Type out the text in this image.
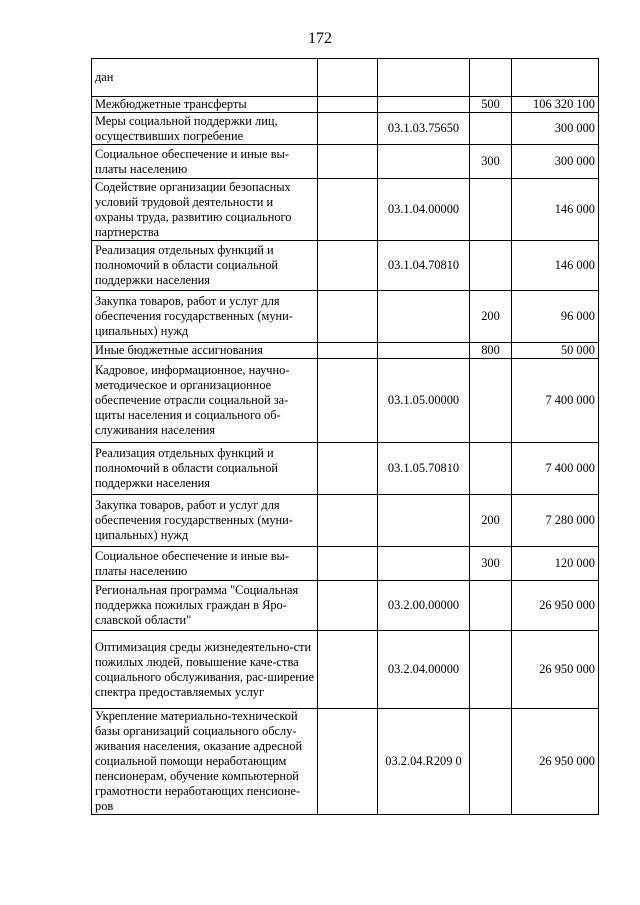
172
дан				
Межбюджетные трансферты			500	106 320 100
Меры социальной поддержки лиц, осуществивших погребение		03.1.03.75650		300 000
Социальное обеспечение и иные вы-платы населению			300	300 000
Содействие организации безопасных условий трудовой деятельности и охраны труда, развитию социального партнерства		03.1.04.00000		146 000
Реализация отдельных функций и полномочий в области социальной поддержки населения		03.1.04.70810		146 000
Закупка товаров, работ и услуг для обеспечения государственных (муни-ципальных) нужд			200	96 000
Иные бюджетные ассигнования			800	50 000
Кадровое, информационное, научно-методическое и организационное обеспечение отрасли социальной за-щиты населения и социального об-служивания населения		03.1.05.00000		7 400 000
Реализация отдельных функций и полномочий в области социальной поддержки населения		03.1.05.70810		7 400 000
Закупка товаров, работ и услуг для обеспечения государственных (муни-ципальных) нужд			200	7 280 000
Социальное обеспечение и иные вы-платы населению			300	120 000
Региональная программа "Социальная поддержка пожилых граждан в Яро-славской области"		03.2.00.00000		26 950 000
Оптимизация среды жизнедеятельно-сти пожилых людей, повышение каче-ства социального обслуживания, рас-ширение спектра предоставляемых услуг		03.2.04.00000		26 950 000
Укрепление материально-технической базы организаций социального обслу-живания населения, оказание адресной социальной помощи неработающим пенсионерам, обучение компьютерной грамотности неработающих пенсионе-ров		03.2.04.R209 0		26 950 000
